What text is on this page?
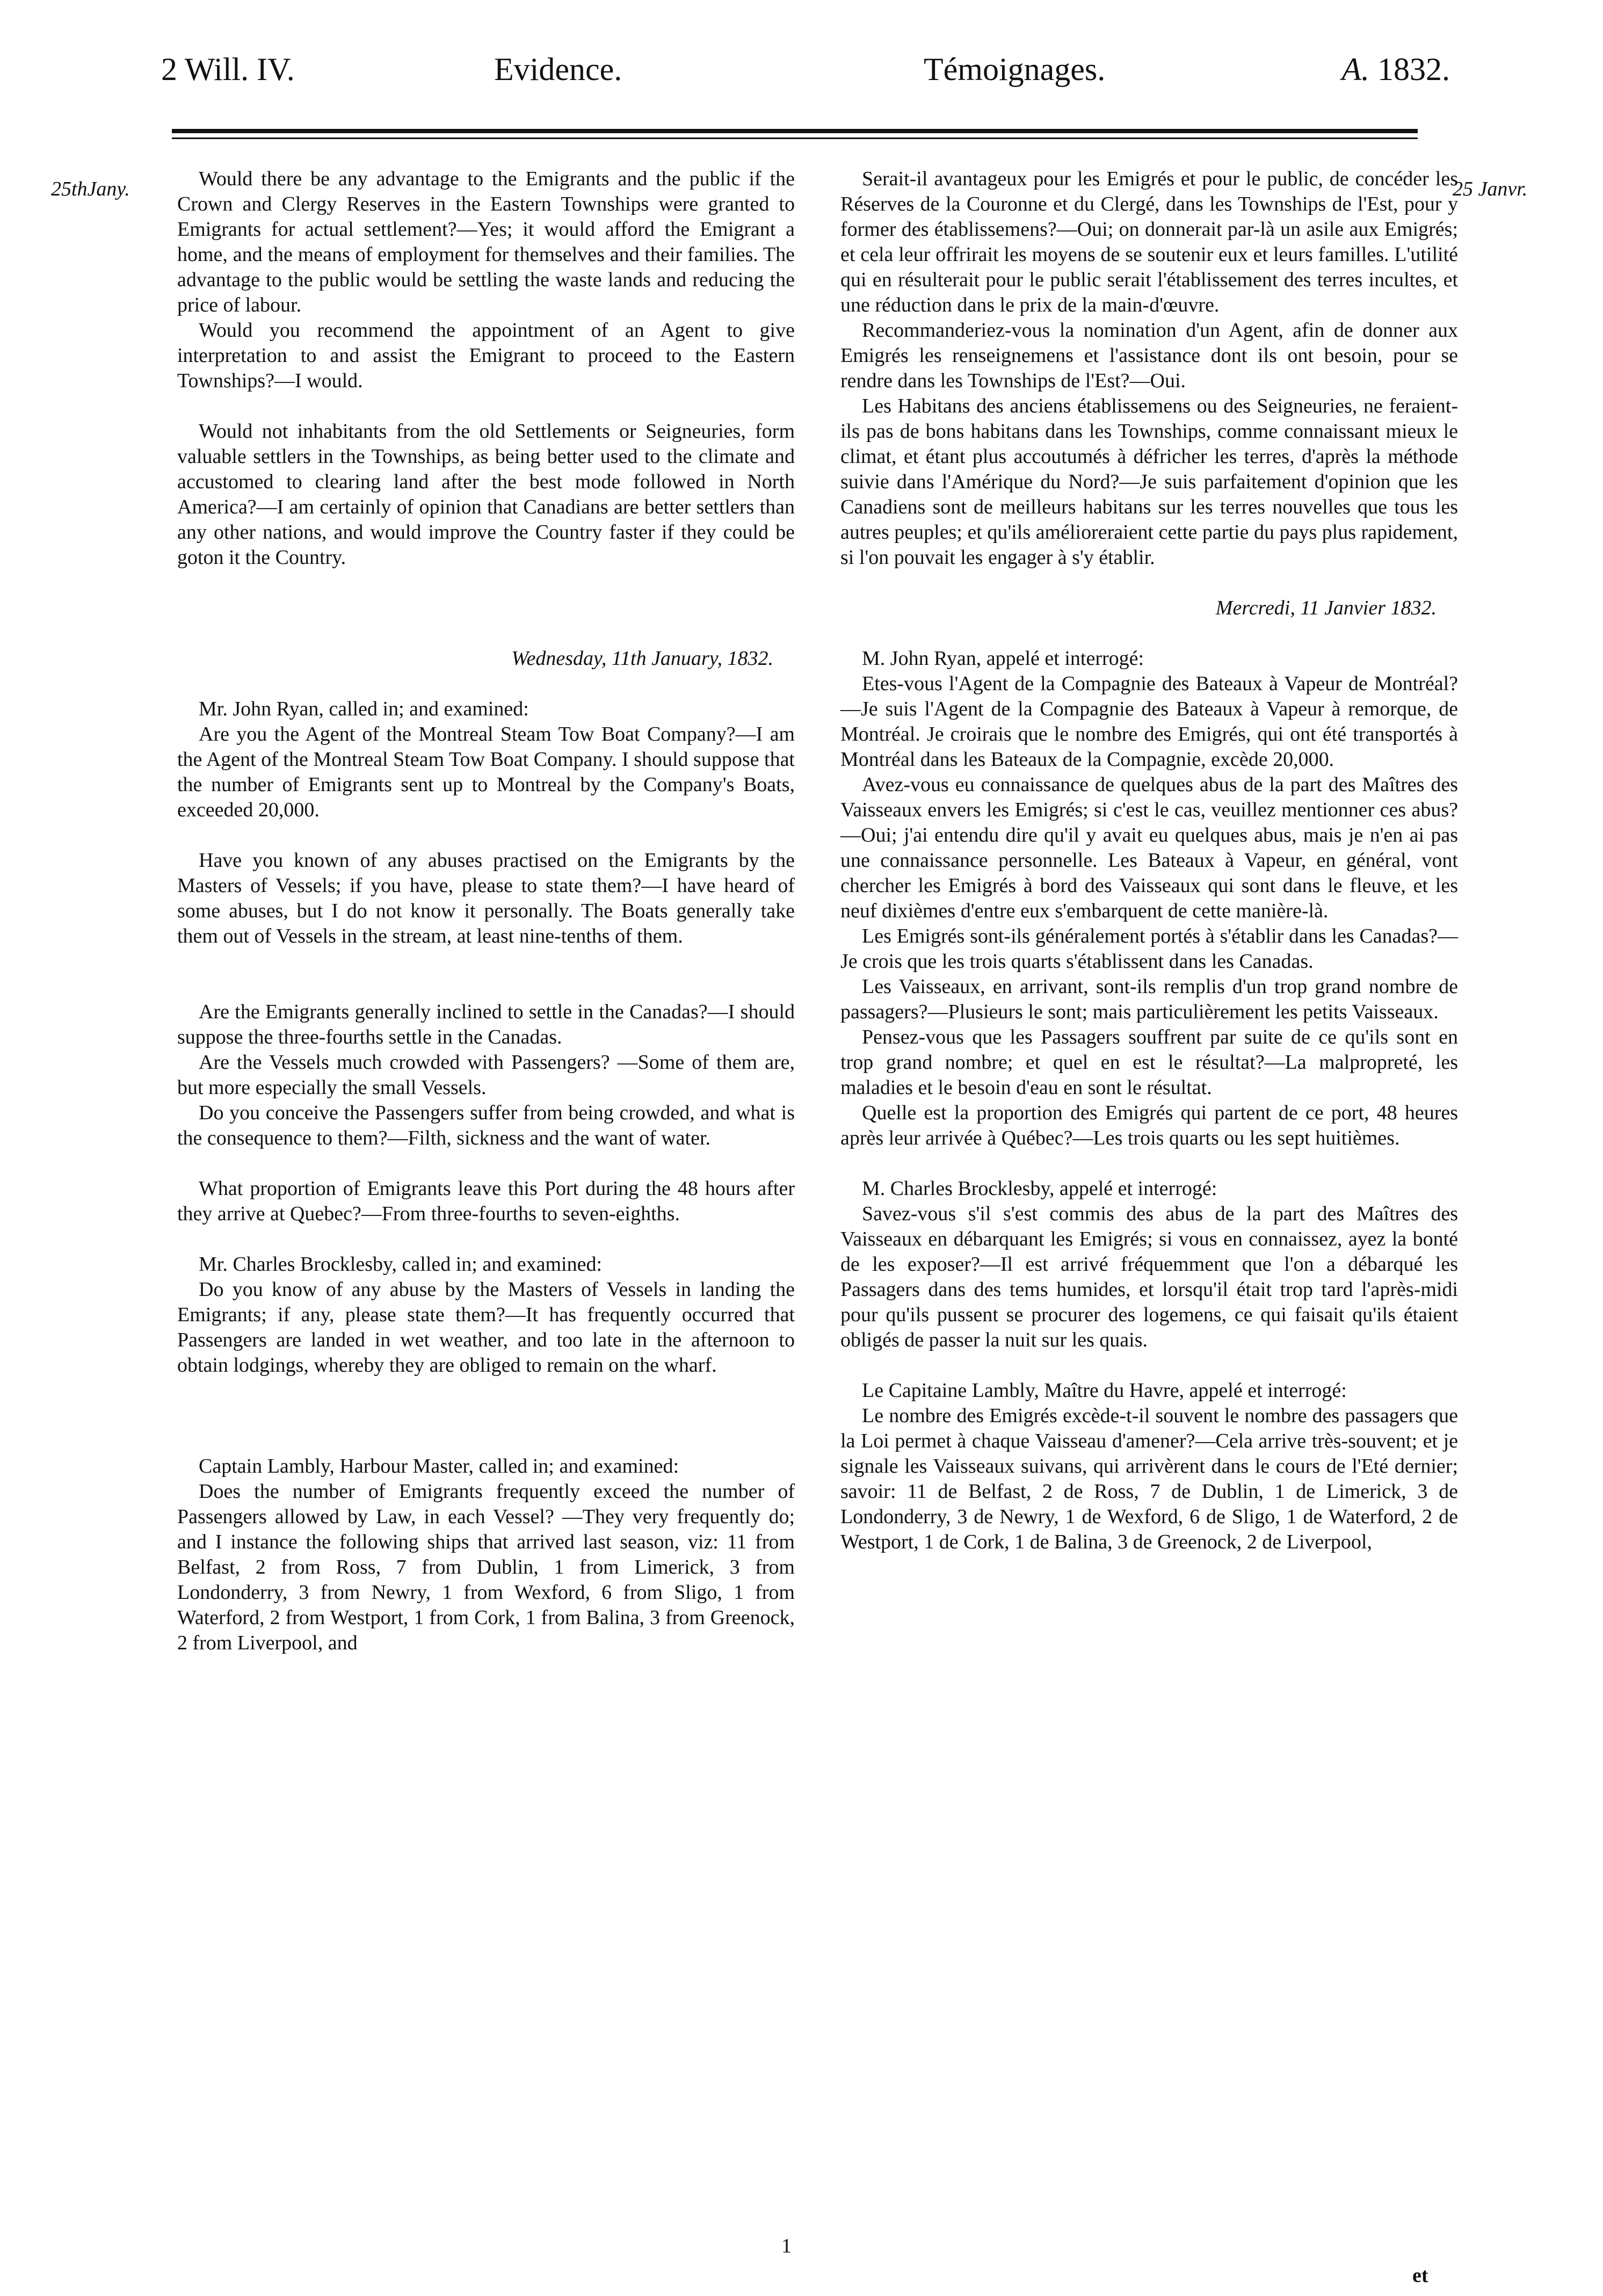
2 Will. IV.	Evidence.	Témoignages.	A. 1832.
25thJany.	25 Janvr.

Would there be any advantage to the Emigrants and the public if the Crown and Clergy Reserves in the Eastern Townships were granted to Emigrants for actual settlement?—Yes; it would afford the Emigrant a home, and the means of employment for themselves and their families. The advantage to the public would be settling the waste lands and reducing the price of labour.

Would you recommend the appointment of an Agent to give interpretation to and assist the Emigrant to proceed to the Eastern Townships?—I would.

Would not inhabitants from the old Settlements or Seigneuries, form valuable settlers in the Townships, as being better used to the climate and accustomed to clearing land after the best mode followed in North America?—I am certainly of opinion that Canadians are better settlers than any other nations, and would improve the Country faster if they could be goton it the Country.

Wednesday, 11th January, 1832.

Mr. John Ryan, called in; and examined:

Are you the Agent of the Montreal Steam Tow Boat Company?—I am the Agent of the Montreal Steam Tow Boat Company. I should suppose that the number of Emigrants sent up to Montreal by the Company's Boats, exceeded 20,000.

Have you known of any abuses practised on the Emigrants by the Masters of Vessels; if you have, please to state them?—I have heard of some abuses, but I do not know it personally. The Boats generally take them out of Vessels in the stream, at least nine-tenths of them.

Are the Emigrants generally inclined to settle in the Canadas?—I should suppose the three-fourths settle in the Canadas.

Are the Vessels much crowded with Passengers? —Some of them are, but more especially the small Vessels.

Do you conceive the Passengers suffer from being crowded, and what is the consequence to them?—Filth, sickness and the want of water.

What proportion of Emigrants leave this Port during the 48 hours after they arrive at Quebec?—From three-fourths to seven-eighths.

Mr. Charles Brocklesby, called in; and examined:

Do you know of any abuse by the Masters of Vessels in landing the Emigrants; if any, please state them?—It has frequently occurred that Passengers are landed in wet weather, and too late in the afternoon to obtain lodgings, whereby they are obliged to remain on the wharf.

Captain Lambly, Harbour Master, called in; and examined:

Does the number of Emigrants frequently exceed the number of Passengers allowed by Law, in each Vessel? —They very frequently do; and I instance the following ships that arrived last season, viz: 11 from Belfast, 2 from Ross, 7 from Dublin, 1 from Limerick, 3 from Londonderry, 3 from Newry, 1 from Wexford, 6 from Sligo, 1 from Waterford, 2 from Westport, 1 from Cork, 1 from Balina, 3 from Greenock, 2 from Liverpool, and

Serait-il avantageux pour les Emigrés et pour le public, de concéder les Réserves de la Couronne et du Clergé, dans les Townships de l'Est, pour y former des établissemens?—Oui; on donnerait par-là un asile aux Emigrés; et cela leur offrirait les moyens de se soutenir eux et leurs familles. L'utilité qui en résulterait pour le public serait l'établissement des terres incultes, et une réduction dans le prix de la main-d'œuvre.

Recommanderiez-vous la nomination d'un Agent, afin de donner aux Emigrés les renseignemens et l'assistance dont ils ont besoin, pour se rendre dans les Townships de l'Est?—Oui.

Les Habitans des anciens établissemens ou des Seigneuries, ne feraient-ils pas de bons habitans dans les Townships, comme connaissant mieux le climat, et étant plus accoutumés à défricher les terres, d'après la méthode suivie dans l'Amérique du Nord?—Je suis parfaitement d'opinion que les Canadiens sont de meilleurs habitans sur les terres nouvelles que tous les autres peuples; et qu'ils amélioreraient cette partie du pays plus rapidement, si l'on pouvait les engager à s'y établir.

Mercredi, 11 Janvier 1832.

M. John Ryan, appelé et interrogé:

Etes-vous l'Agent de la Compagnie des Bateaux à Vapeur de Montréal?—Je suis l'Agent de la Compagnie des Bateaux à Vapeur à remorque, de Montréal. Je croirais que le nombre des Emigrés, qui ont été transportés à Montréal dans les Bateaux de la Compagnie, excède 20,000.

Avez-vous eu connaissance de quelques abus de la part des Maîtres des Vaisseaux envers les Emigrés; si c'est le cas, veuillez mentionner ces abus?—Oui; j'ai entendu dire qu'il y avait eu quelques abus, mais je n'en ai pas une connaissance personnelle. Les Bateaux à Vapeur, en général, vont chercher les Emigrés à bord des Vaisseaux qui sont dans le fleuve, et les neuf dixièmes d'entre eux s'embarquent de cette manière-là.

Les Emigrés sont-ils généralement portés à s'établir dans les Canadas?—Je crois que les trois quarts s'établissent dans les Canadas.

Les Vaisseaux, en arrivant, sont-ils remplis d'un trop grand nombre de passagers?—Plusieurs le sont; mais particulièrement les petits Vaisseaux.

Pensez-vous que les Passagers souffrent par suite de ce qu'ils sont en trop grand nombre; et quel en est le résultat?—La malpropreté, les maladies et le besoin d'eau en sont le résultat.

Quelle est la proportion des Emigrés qui partent de ce port, 48 heures après leur arrivée à Québec?—Les trois quarts ou les sept huitièmes.

M. Charles Brocklesby, appelé et interrogé:

Savez-vous s'il s'est commis des abus de la part des Maîtres des Vaisseaux en débarquant les Emigrés; si vous en connaissez, ayez la bonté de les exposer?—Il est arrivé fréquemment que l'on a débarqué les Passagers dans des tems humides, et lorsqu'il était trop tard l'après-midi pour qu'ils pussent se procurer des logemens, ce qui faisait qu'ils étaient obligés de passer la nuit sur les quais.

Le Capitaine Lambly, Maître du Havre, appelé et interrogé:

Le nombre des Emigrés excède-t-il souvent le nombre des passagers que la Loi permet à chaque Vaisseau d'amener?—Cela arrive très-souvent; et je signale les Vaisseaux suivans, qui arrivèrent dans le cours de l'Eté dernier; savoir: 11 de Belfast, 2 de Ross, 7 de Dublin, 1 de Limerick, 3 de Londonderry, 3 de Newry, 1 de Wexford, 6 de Sligo, 1 de Waterford, 2 de Westport, 1 de Cork, 1 de Balina, 3 de Greenock, 2 de Liverpool,

1
et
